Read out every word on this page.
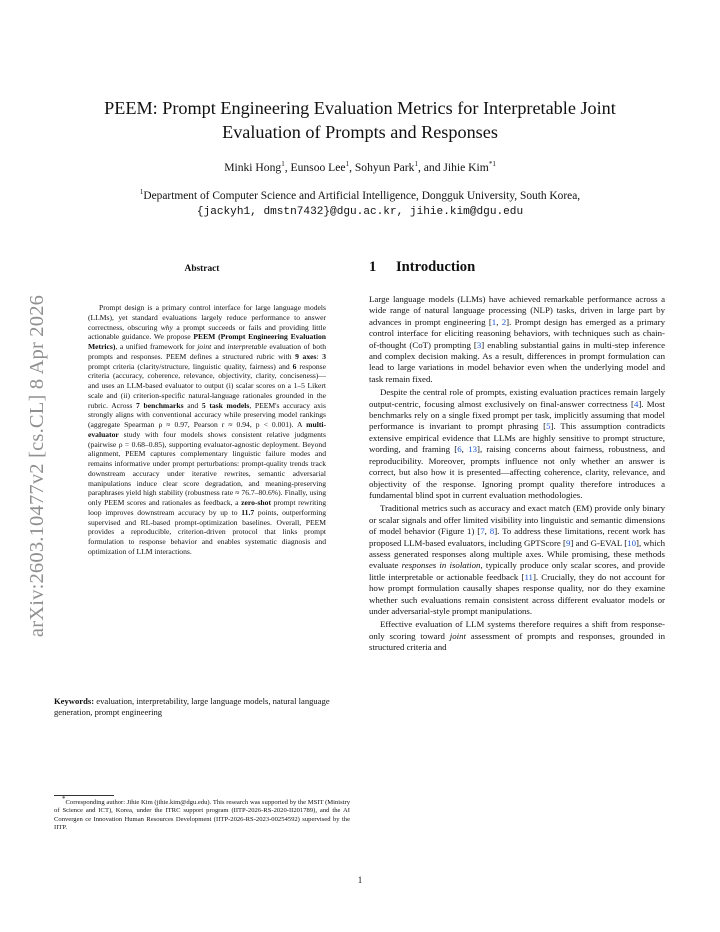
arXiv:2603.10477v2 [cs.CL] 8 Apr 2026
PEEM: Prompt Engineering Evaluation Metrics for Interpretable Joint
Evaluation of Prompts and Responses
Minki Hong$^1$, Eunsoo Lee$^1$, Sohyun Park$^1$, and Jihie Kim$^{*1}$
$^1$Department of Computer Science and Artificial Intelligence, Dongguk University, South Korea,
{jackyh1, dmstn7432}@dgu.ac.kr, jihie.kim@dgu.edu
Abstract

Prompt design is a primary control interface for large language models (LLMs), yet standard evaluations largely reduce performance to answer correctness, obscuring why a prompt succeeds or fails and providing little actionable guidance. We propose PEEM (Prompt Engineering Evaluation Metrics), a unified framework for joint and interpretable evaluation of both prompts and responses. PEEM defines a structured rubric with 9 axes: 3 prompt criteria (clarity/structure, linguistic quality, fairness) and 6 response criteria (accuracy, coherence, relevance, objectivity, clarity, conciseness)—and uses an LLM-based evaluator to output (i) scalar scores on a 1–5 Likert scale and (ii) criterion-specific natural-language rationales grounded in the rubric. Across 7 benchmarks and 5 task models, PEEM's accuracy axis strongly aligns with conventional accuracy while preserving model rankings (aggregate Spearman ρ ≈ 0.97, Pearson r ≈ 0.94, p < 0.001). A multi-evaluator study with four models shows consistent relative judgments (pairwise ρ = 0.68–0.85), supporting evaluator-agnostic deployment. Beyond alignment, PEEM captures complementary linguistic failure modes and remains informative under prompt perturbations: prompt-quality trends track downstream accuracy under iterative rewrites, semantic adversarial manipulations induce clear score degradation, and meaning-preserving paraphrases yield high stability (robustness rate ≈ 76.7–80.6%). Finally, using only PEEM scores and rationales as feedback, a zero-shot prompt rewriting loop improves downstream accuracy by up to 11.7 points, outperforming supervised and RL-based prompt-optimization baselines. Overall, PEEM provides a reproducible, criterion-driven protocol that links prompt formulation to response behavior and enables systematic diagnosis and optimization of LLM interactions.

Keywords: evaluation, interpretability, large language models, natural language generation, prompt engineering

*Corresponding author: Jihie Kim (jihie.kim@dgu.edu). This research was supported by the MSIT (Ministry of Science and ICT), Korea, under the ITRC support program (IITP-2026-RS-2020-II201789), and the AI Convergen ce Innovation Human Resources Development (IITP-2026-RS-2023-00254592) supervised by the IITP.

1 Introduction

Large language models (LLMs) have achieved remarkable performance across a wide range of natural language processing (NLP) tasks, driven in large part by advances in prompt engineering [1, 2]. Prompt design has emerged as a primary control interface for eliciting reasoning behaviors, with techniques such as chain-of-thought (CoT) prompting [3] enabling substantial gains in multi-step inference and complex decision making. As a result, differences in prompt formulation can lead to large variations in model behavior even when the underlying model and task remain fixed.

Despite the central role of prompts, existing evaluation practices remain largely output-centric, focusing almost exclusively on final-answer correctness [4]. Most benchmarks rely on a single fixed prompt per task, implicitly assuming that model performance is invariant to prompt phrasing [5]. This assumption contradicts extensive empirical evidence that LLMs are highly sensitive to prompt structure, wording, and framing [6, 13], raising concerns about fairness, robustness, and reproducibility. Moreover, prompts influence not only whether an answer is correct, but also how it is presented—affecting coherence, clarity, relevance, and objectivity of the response. Ignoring prompt quality therefore introduces a fundamental blind spot in current evaluation methodologies.

Traditional metrics such as accuracy and exact match (EM) provide only binary or scalar signals and offer limited visibility into linguistic and semantic dimensions of model behavior (Figure 1) [7, 8]. To address these limitations, recent work has proposed LLM-based evaluators, including GPTScore [9] and G-EVAL [10], which assess generated responses along multiple axes. While promising, these methods evaluate responses in isolation, typically produce only scalar scores, and provide little interpretable or actionable feedback [11]. Crucially, they do not account for how prompt formulation causally shapes response quality, nor do they examine whether such evaluations remain consistent across different evaluator models or under adversarial-style prompt manipulations.

Effective evaluation of LLM systems therefore requires a shift from response-only scoring toward joint assessment of prompts and responses, grounded in structured criteria and

1
